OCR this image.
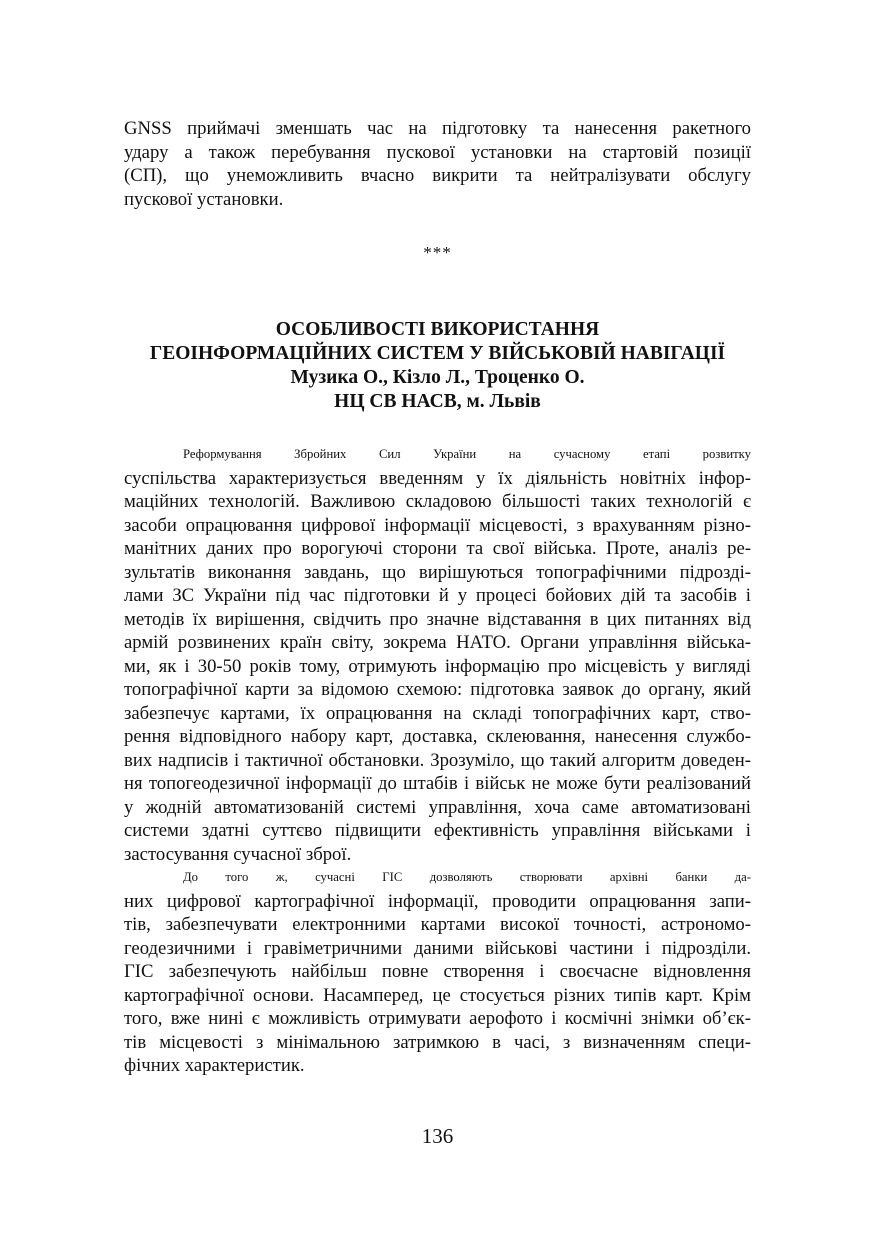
GNSS приймачі зменшать час на підготовку та нанесення ракетного
удару а також перебування пускової установки на стартовій позиції
(СП), що унеможливить вчасно викрити та нейтралізувати обслугу
пускової установки.
***
ОСОБЛИВОСТІ ВИКОРИСТАННЯ
ГЕОІНФОРМАЦІЙНИХ СИСТЕМ У ВІЙСЬКОВІЙ НАВІГАЦІЇ
Музика О., Кізло Л., Троценко О.
НЦ СВ НАСВ, м. Львів
Реформування Збройних Сил України на сучасному етапі розвитку
суспільства характеризується введенням у їх діяльність новітніх інфор-
маційних технологій. Важливою складовою більшості таких технологій є
засоби опрацювання цифрової інформації місцевості, з врахуванням різно-
манітних даних про ворогуючі сторони та свої війська. Проте, аналіз ре-
зультатів виконання завдань, що вирішуються топографічними підрозді-
лами ЗС України під час підготовки й у процесі бойових дій та засобів і
методів їх вирішення, свідчить про значне відставання в цих питаннях від
армій розвинених країн світу, зокрема НАТО. Органи управління війська-
ми, як і 30-50 років тому, отримують інформацію про місцевість у вигляді
топографічної карти за відомою схемою: підготовка заявок до органу, який
забезпечує картами, їх опрацювання на складі топографічних карт, ство-
рення відповідного набору карт, доставка, склеювання, нанесення службо-
вих надписів і тактичної обстановки. Зрозуміло, що такий алгоритм доведен-
ня топогеодезичної інформації до штабів і військ не може бути реалізований
у жодній автоматизованій системі управління, хоча саме автоматизовані
системи здатні суттєво підвищити ефективність управління військами і
застосування сучасної зброї.
До того ж, сучасні ГІС дозволяють створювати архівні банки да-
них цифрової картографічної інформації, проводити опрацювання запи-
тів, забезпечувати електронними картами високої точності, астрономо-
геодезичними і гравіметричними даними військові частини і підрозділи.
ГІС забезпечують найбільш повне створення і своєчасне відновлення
картографічної основи. Насамперед, це стосується різних типів карт. Крім
того, вже нині є можливість отримувати аерофото і космічні знімки об’єк-
тів місцевості з мінімальною затримкою в часі, з визначенням специ-
фічних характеристик.
136
